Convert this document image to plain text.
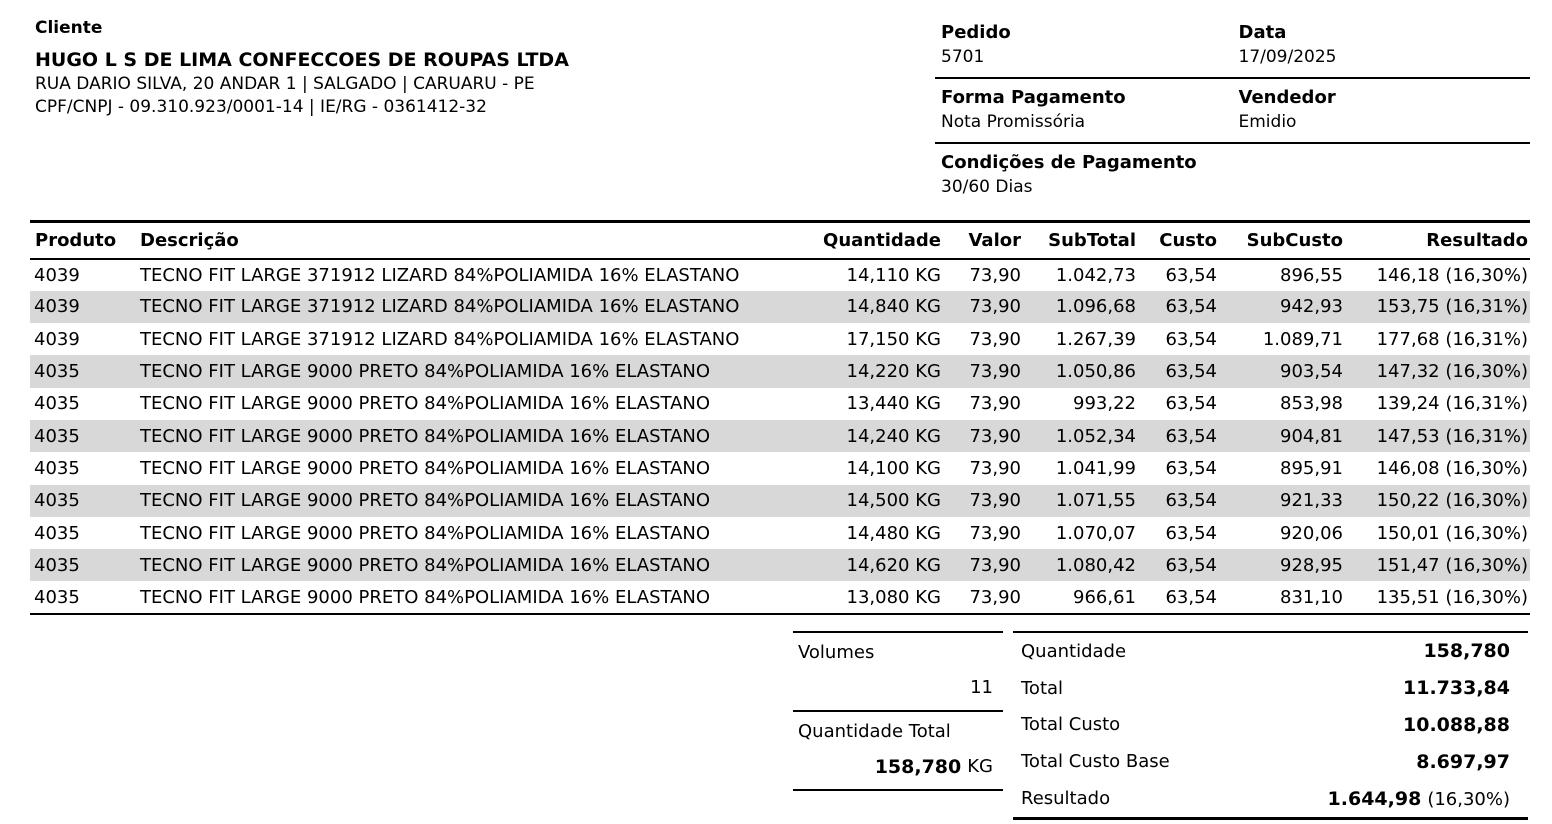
Cliente
HUGO L S DE LIMA CONFECCOES DE ROUPAS LTDA
RUA DARIO SILVA, 20 ANDAR 1 | SALGADO | CARUARU - PE
CPF/CNPJ - 09.310.923/0001-14 | IE/RG - 0361412-32
Pedido
5701
Data
17/09/2025
Forma Pagamento
Nota Promissória
Vendedor
Emidio
Condições de Pagamento
30/60 Dias
Produto	Descrição	Quantidade	Valor	SubTotal	Custo	SubCusto	Resultado
4039	TECNO FIT LARGE 371912 LIZARD 84%POLIAMIDA 16% ELASTANO	14,110 KG	73,90	1.042,73	63,54	896,55	146,18 (16,30%)
4039	TECNO FIT LARGE 371912 LIZARD 84%POLIAMIDA 16% ELASTANO	14,840 KG	73,90	1.096,68	63,54	942,93	153,75 (16,31%)
4039	TECNO FIT LARGE 371912 LIZARD 84%POLIAMIDA 16% ELASTANO	17,150 KG	73,90	1.267,39	63,54	1.089,71	177,68 (16,31%)
4035	TECNO FIT LARGE 9000 PRETO 84%POLIAMIDA 16% ELASTANO	14,220 KG	73,90	1.050,86	63,54	903,54	147,32 (16,30%)
4035	TECNO FIT LARGE 9000 PRETO 84%POLIAMIDA 16% ELASTANO	13,440 KG	73,90	993,22	63,54	853,98	139,24 (16,31%)
4035	TECNO FIT LARGE 9000 PRETO 84%POLIAMIDA 16% ELASTANO	14,240 KG	73,90	1.052,34	63,54	904,81	147,53 (16,31%)
4035	TECNO FIT LARGE 9000 PRETO 84%POLIAMIDA 16% ELASTANO	14,100 KG	73,90	1.041,99	63,54	895,91	146,08 (16,30%)
4035	TECNO FIT LARGE 9000 PRETO 84%POLIAMIDA 16% ELASTANO	14,500 KG	73,90	1.071,55	63,54	921,33	150,22 (16,30%)
4035	TECNO FIT LARGE 9000 PRETO 84%POLIAMIDA 16% ELASTANO	14,480 KG	73,90	1.070,07	63,54	920,06	150,01 (16,30%)
4035	TECNO FIT LARGE 9000 PRETO 84%POLIAMIDA 16% ELASTANO	14,620 KG	73,90	1.080,42	63,54	928,95	151,47 (16,30%)
4035	TECNO FIT LARGE 9000 PRETO 84%POLIAMIDA 16% ELASTANO	13,080 KG	73,90	966,61	63,54	831,10	135,51 (16,30%)
Volumes
11
Quantidade Total
158,780 KG
Quantidade	158,780
Total	11.733,84
Total Custo	10.088,88
Total Custo Base	8.697,97
Resultado	1.644,98 (16,30%)
